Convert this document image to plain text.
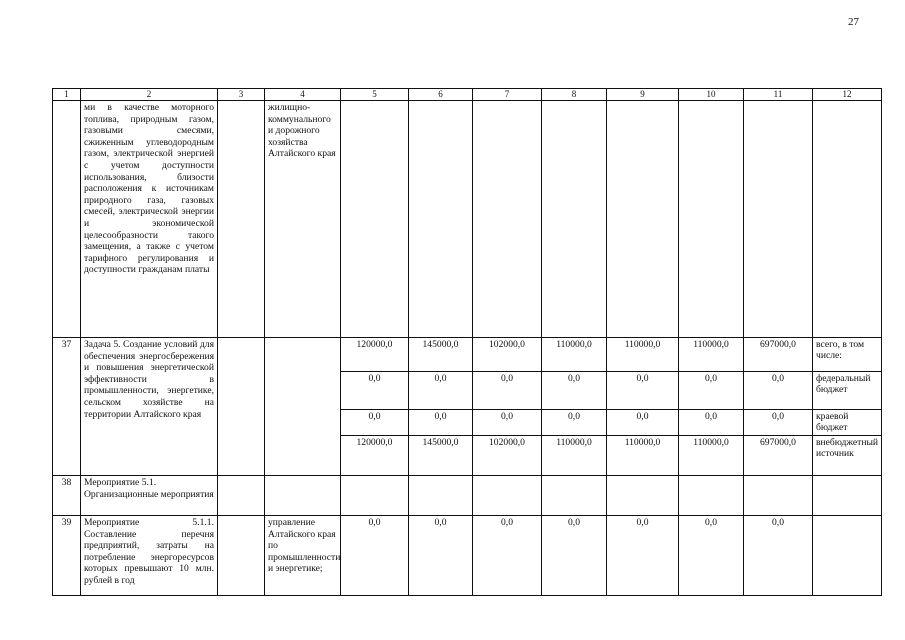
27
1	2	3	4	5	6	7	8	9	10	11	12
	ми в качестве моторного топлива, природным газом, газовыми смесями, сжиженным углеводородным газом, электрической энергией с учетом доступности использования, близости расположения к источникам природного газа, газовых смесей, электрической энергии и экономической целесообразности такого замещения, а также с учетом тарифного регулирования и доступности гражданам платы		жилищно-коммунального и дорожного хозяйства Алтайского края								
37	Задача 5. Создание условий для обеспечения энергосбережения и повышения энергетической эффективности в промышленности, энергетике, сельском хозяйстве на территории Алтайского края			120000,0	145000,0	102000,0	110000,0	110000,0	110000,0	697000,0	всего, в том числе:
				0,0	0,0	0,0	0,0	0,0	0,0	0,0	федеральный бюджет
				0,0	0,0	0,0	0,0	0,0	0,0	0,0	краевой бюджет
				120000,0	145000,0	102000,0	110000,0	110000,0	110000,0	697000,0	внебюджетный источник
38	Мероприятие 5.1. Организационные мероприятия										
39	Мероприятие 5.1.1. Составление перечня предприятий, затраты на потребление энергоресурсов которых превышают 10 млн. рублей в год		управление Алтайского края по промышленности и энергетике;	0,0	0,0	0,0	0,0	0,0	0,0	0,0	
